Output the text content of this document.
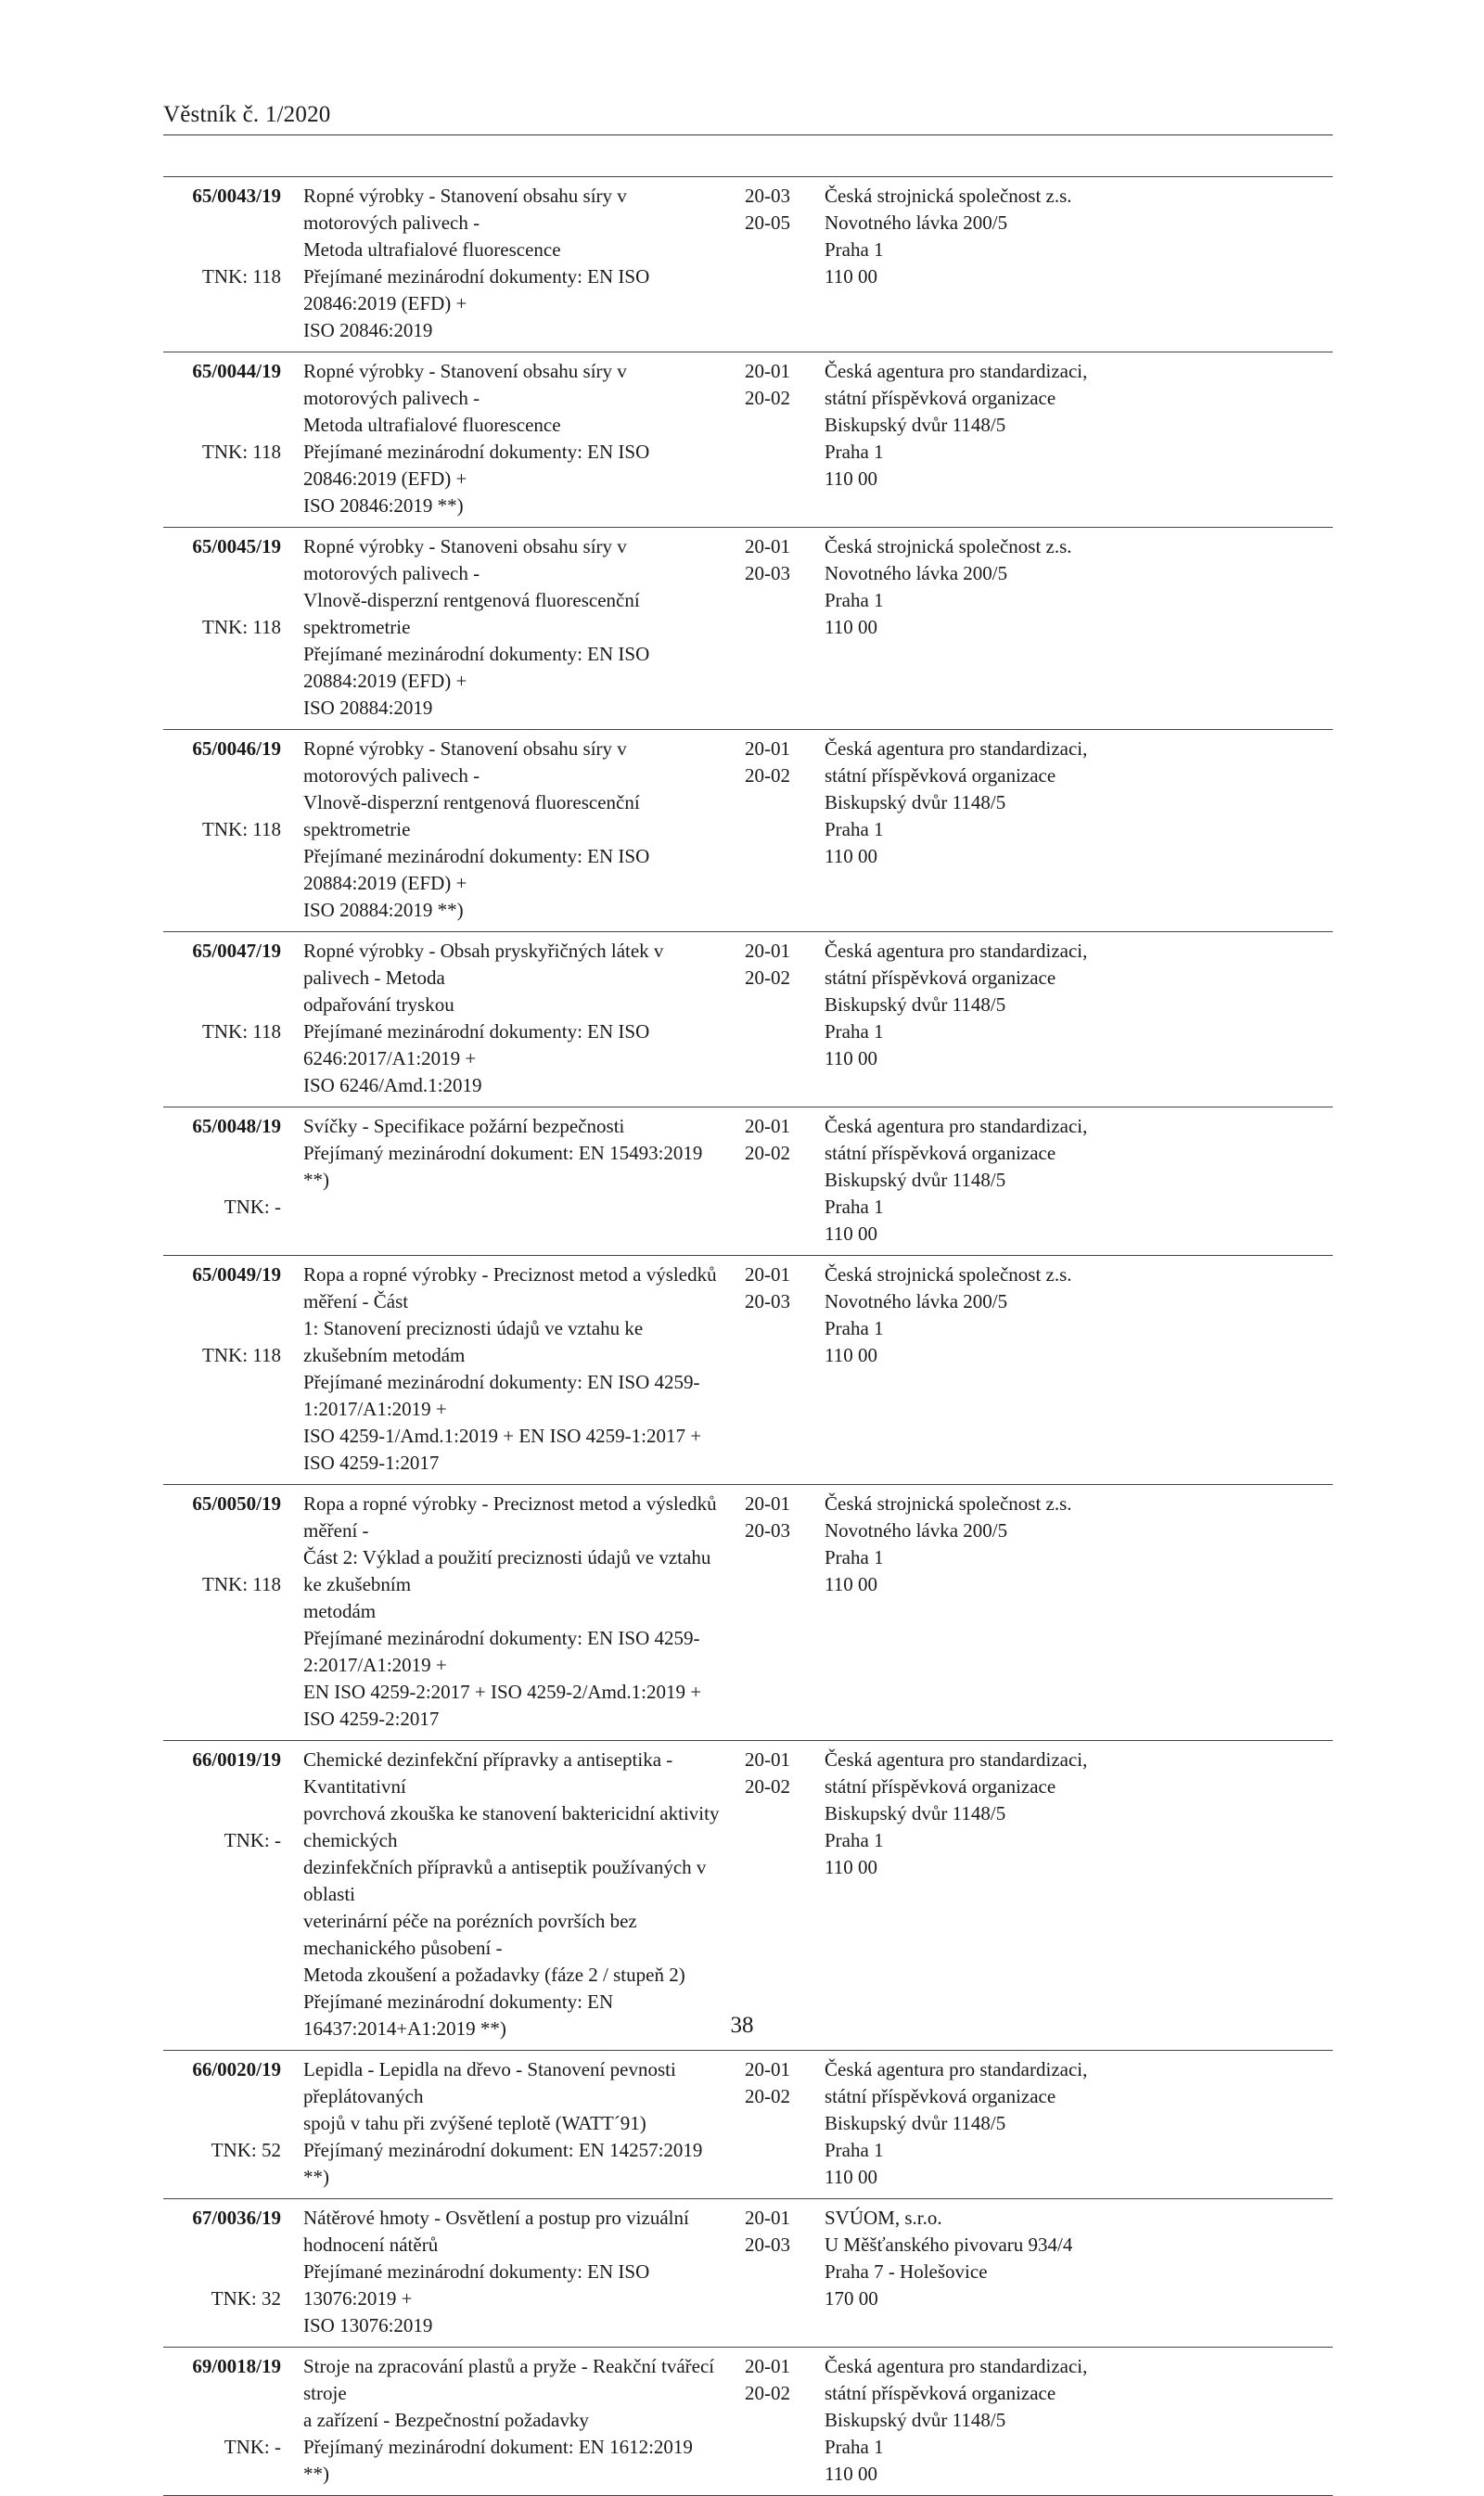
Věstník č. 1/2020
65/0043/19
TNK: 118
Ropné výrobky - Stanovení obsahu síry v motorových palivech -
Metoda ultrafialové fluorescence
Přejímané mezinárodní dokumenty: EN ISO 20846:2019 (EFD) +
ISO 20846:2019
20-03
20-05
Česká strojnická společnost z.s.
Novotného lávka 200/5
Praha 1
110 00
65/0044/19
TNK: 118
Ropné výrobky - Stanovení obsahu síry v motorových palivech -
Metoda ultrafialové fluorescence
Přejímané mezinárodní dokumenty: EN ISO 20846:2019 (EFD) +
ISO 20846:2019 **)
20-01
20-02
Česká agentura pro standardizaci,
státní příspěvková organizace
Biskupský dvůr 1148/5
Praha 1
110 00
65/0045/19
TNK: 118
Ropné výrobky - Stanoveni obsahu síry v motorových palivech -
Vlnově-disperzní rentgenová fluorescenční spektrometrie
Přejímané mezinárodní dokumenty: EN ISO 20884:2019 (EFD) +
ISO 20884:2019
20-01
20-03
Česká strojnická společnost z.s.
Novotného lávka 200/5
Praha 1
110 00
65/0046/19
TNK: 118
Ropné výrobky - Stanovení obsahu síry v motorových palivech -
Vlnově-disperzní rentgenová fluorescenční spektrometrie
Přejímané mezinárodní dokumenty: EN ISO 20884:2019 (EFD) +
ISO 20884:2019 **)
20-01
20-02
Česká agentura pro standardizaci,
státní příspěvková organizace
Biskupský dvůr 1148/5
Praha 1
110 00
65/0047/19
TNK: 118
Ropné výrobky - Obsah pryskyřičných látek v palivech - Metoda
odpařování tryskou
Přejímané mezinárodní dokumenty: EN ISO 6246:2017/A1:2019 +
ISO 6246/Amd.1:2019
20-01
20-02
Česká agentura pro standardizaci,
státní příspěvková organizace
Biskupský dvůr 1148/5
Praha 1
110 00
65/0048/19
TNK: -
Svíčky - Specifikace požární bezpečnosti
Přejímaný mezinárodní dokument: EN 15493:2019 **)
20-01
20-02
Česká agentura pro standardizaci,
státní příspěvková organizace
Biskupský dvůr 1148/5
Praha 1
110 00
65/0049/19
TNK: 118
Ropa a ropné výrobky - Preciznost metod a výsledků měření - Část
1: Stanovení preciznosti údajů ve vztahu ke zkušebním metodám
Přejímané mezinárodní dokumenty: EN ISO 4259-1:2017/A1:2019 +
ISO 4259-1/Amd.1:2019 + EN ISO 4259-1:2017 +
ISO 4259-1:2017
20-01
20-03
Česká strojnická společnost z.s.
Novotného lávka 200/5
Praha 1
110 00
65/0050/19
TNK: 118
Ropa a ropné výrobky - Preciznost metod a výsledků měření -
Část 2: Výklad a použití preciznosti údajů ve vztahu ke zkušebním
metodám
Přejímané mezinárodní dokumenty: EN ISO 4259-2:2017/A1:2019 +
EN ISO 4259-2:2017 + ISO 4259-2/Amd.1:2019 +
ISO 4259-2:2017
20-01
20-03
Česká strojnická společnost z.s.
Novotného lávka 200/5
Praha 1
110 00
66/0019/19
TNK: -
Chemické dezinfekční přípravky a antiseptika - Kvantitativní
povrchová zkouška ke stanovení baktericidní aktivity chemických
dezinfekčních přípravků a antiseptik používaných v oblasti
veterinární péče na porézních površích bez mechanického působení -
Metoda zkoušení a požadavky (fáze 2 / stupeň 2)
Přejímané mezinárodní dokumenty: EN 16437:2014+A1:2019 **)
20-01
20-02
Česká agentura pro standardizaci,
státní příspěvková organizace
Biskupský dvůr 1148/5
Praha 1
110 00
66/0020/19
TNK: 52
Lepidla - Lepidla na dřevo - Stanovení pevnosti přeplátovaných
spojů v tahu při zvýšené teplotě (WATT´91)
Přejímaný mezinárodní dokument: EN 14257:2019 **)
20-01
20-02
Česká agentura pro standardizaci,
státní příspěvková organizace
Biskupský dvůr 1148/5
Praha 1
110 00
67/0036/19
TNK: 32
Nátěrové hmoty - Osvětlení a postup pro vizuální hodnocení nátěrů
Přejímané mezinárodní dokumenty: EN ISO 13076:2019 +
ISO 13076:2019
20-01
20-03
SVÚOM, s.r.o.
U Měšťanského pivovaru 934/4
Praha 7 - Holešovice
170 00
69/0018/19
TNK: -
Stroje na zpracování plastů a pryže - Reakční tvářecí stroje
a zařízení - Bezpečnostní požadavky
Přejímaný mezinárodní dokument: EN 1612:2019 **)
20-01
20-02
Česká agentura pro standardizaci,
státní příspěvková organizace
Biskupský dvůr 1148/5
Praha 1
110 00
38
